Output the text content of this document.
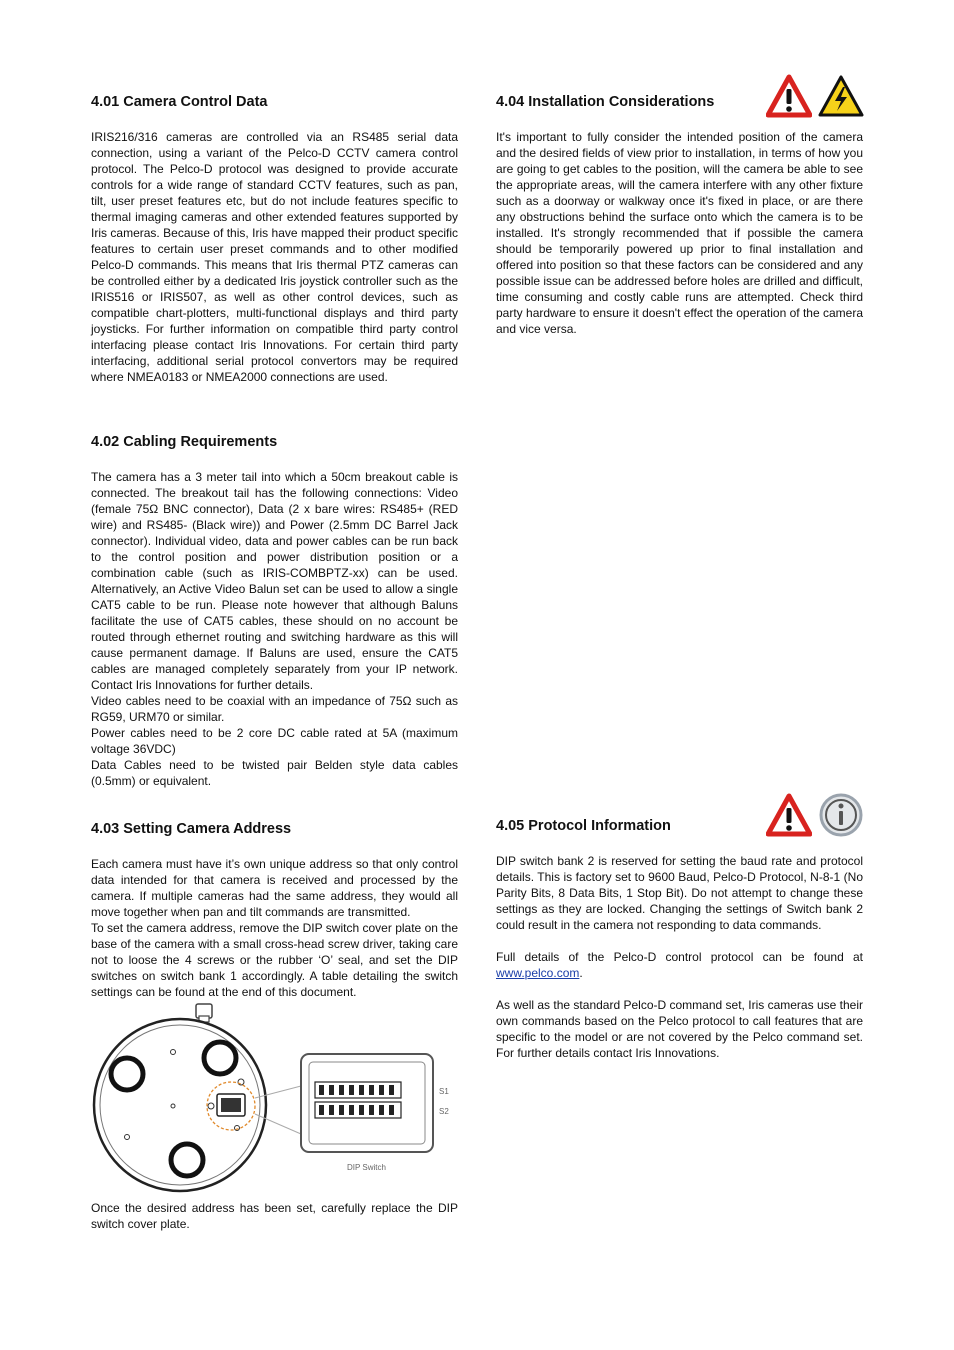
4.01 Camera Control Data

IRIS216/316 cameras are controlled via an RS485 serial data connection, using a variant of the Pelco-D CCTV camera control protocol. The Pelco-D protocol was designed to provide accurate controls for a wide range of standard CCTV features, such as pan, tilt, user preset features etc, but do not include features specific to thermal imaging cameras and other extended features supported by Iris cameras. Because of this, Iris have mapped their product specific features to certain user preset commands and to other modified Pelco-D commands. This means that Iris thermal PTZ cameras can be controlled either by a dedicated Iris joystick controller such as the IRIS516 or IRIS507, as well as other control devices, such as compatible chart-plotters, multi-functional displays and third party joysticks. For further information on compatible third party control interfacing please contact Iris Innovations. For certain third party interfacing, additional serial protocol convertors may be required where NMEA0183 or NMEA2000 connections are used.

4.02 Cabling Requirements

The camera has a 3 meter tail into which a 50cm breakout cable is connected. The breakout tail has the following connections: Video (female 75Ω BNC connector), Data (2 x bare wires: RS485+ (RED wire) and RS485- (Black wire)) and Power (2.5mm DC Barrel Jack connector). Individual video, data and power cables can be run back to the control position and power distribution position or a combination cable (such as IRIS-COMBPTZ-xx) can be used. Alternatively, an Active Video Balun set can be used to allow a single CAT5 cable to be run. Please note however that although Baluns facilitate the use of CAT5 cables, these should on no account be routed through ethernet routing and switching hardware as this will cause permanent damage. If Baluns are used, ensure the CAT5 cables are managed completely separately from your IP network. Contact Iris Innovations for further details.

Video cables need to be coaxial with an impedance of 75Ω such as RG59, URM70 or similar.

Power cables need to be 2 core DC cable rated at 5A (maximum voltage 36VDC)

Data Cables need to be twisted pair Belden style data cables (0.5mm) or equivalent.

4.03 Setting Camera Address

Each camera must have it’s own unique address so that only control data intended for that camera is received and processed by the camera. If multiple cameras had the same address, they would all move together when pan and tilt commands are transmitted.

To set the camera address, remove the DIP switch cover plate on the base of the camera with a small cross-head screw driver, taking care not to loose the 4 screws or the rubber ‘O’ seal, and set the DIP switches on switch bank 1 accordingly. A table detailing the switch settings can be found at the end of this document.

S1
S2
DIP Switch

Once the desired address has been set, carefully replace the DIP switch cover plate.

4.04 Installation Considerations

It's important to fully consider the intended position of the camera and the desired fields of view prior to installation, in terms of how you are going to get cables to the position, will the camera be able to see the appropriate areas, will the camera interfere with any other fixture such as a doorway or walkway once it's fixed in place, or are there any obstructions behind the surface onto which the camera is to be installed. It's strongly recommended that if possible the camera should be temporarily powered up prior to final installation and offered into position so that these factors can be considered and any possible issue can be addressed before holes are drilled and difficult, time consuming and costly cable runs are attempted. Check third party hardware to ensure it doesn't effect the operation of the camera and vice versa.

4.05 Protocol Information

DIP switch bank 2 is reserved for setting the baud rate and protocol details. This is factory set to 9600 Baud, Pelco-D Protocol, N-8-1 (No Parity Bits, 8 Data Bits, 1 Stop Bit). Do not attempt to change these settings as they are locked. Changing the settings of Switch bank 2 could result in the camera not responding to data commands.

Full details of the Pelco-D control protocol can be found at www.pelco.com.

As well as the standard Pelco-D command set, Iris cameras use their own commands based on the Pelco protocol to call features that are specific to the model or are not covered by the Pelco command set. For further details contact Iris Innovations.
